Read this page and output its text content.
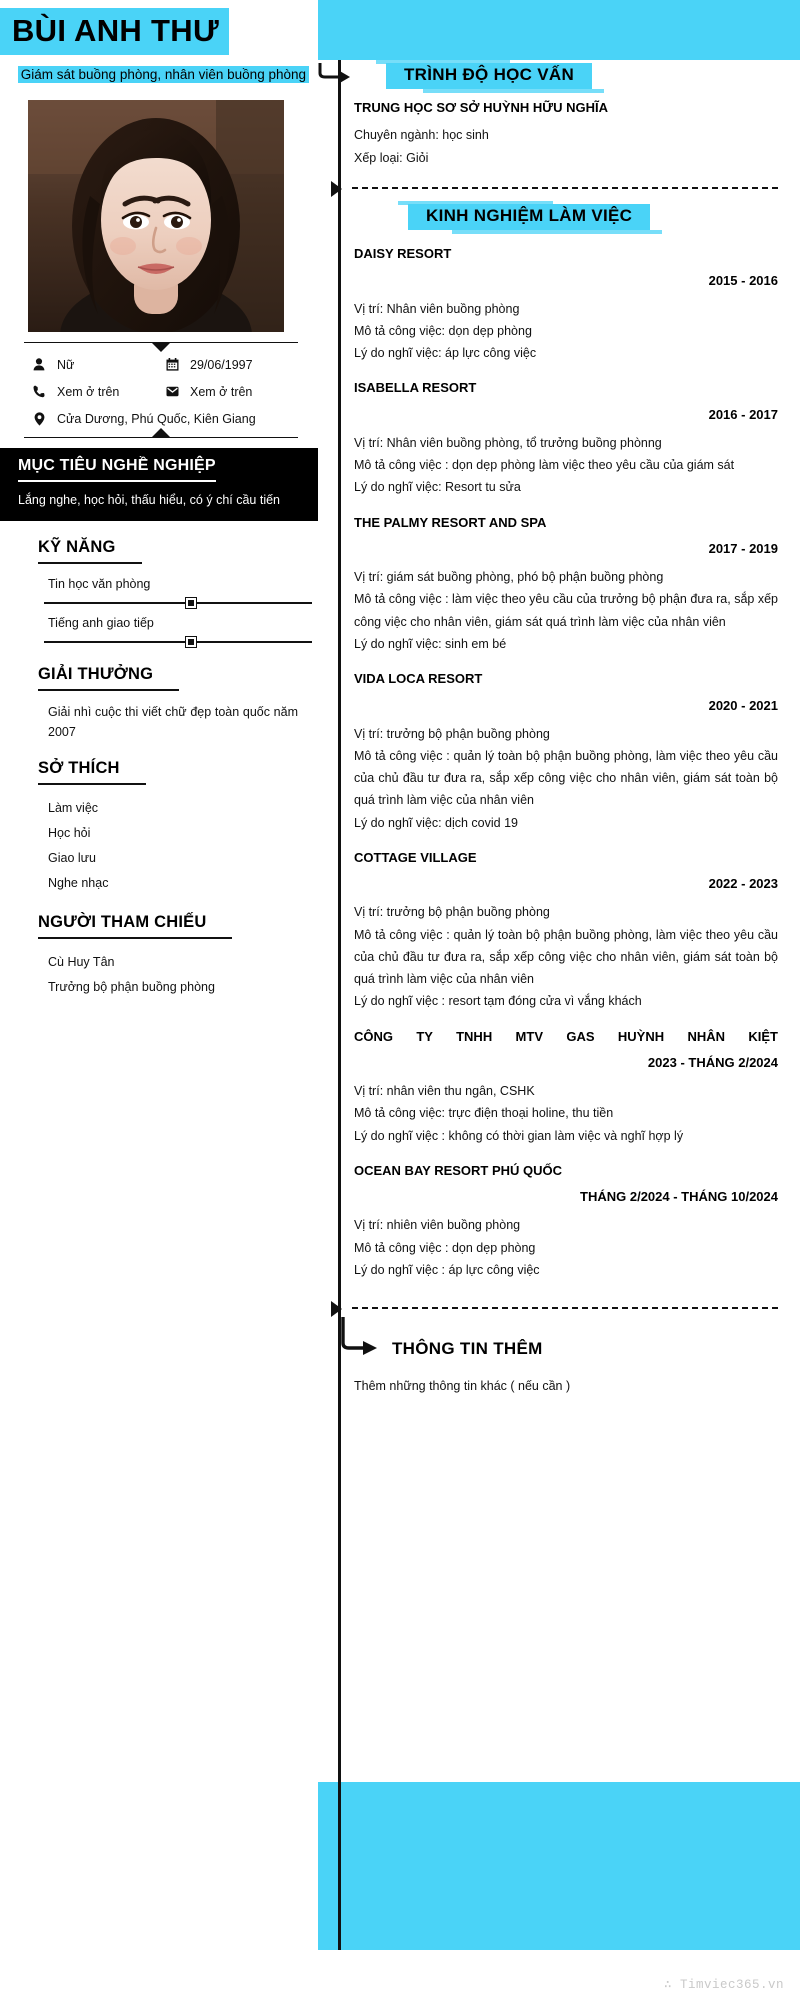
BÙI ANH THƯ
Giám sát buồng phòng, nhân viên buồng phòng
Nữ	29/06/1997
Xem ở trên	Xem ở trên
Cửa Dương, Phú Quốc, Kiên Giang
MỤC TIÊU NGHỀ NGHIỆP

Lắng nghe, học hỏi, thấu hiểu, có ý chí cầu tiến

KỸ NĂNG
Tin học văn phòng
Tiếng anh giao tiếp
GIẢI THƯỞNG

Giải nhì cuộc thi viết chữ đẹp toàn quốc năm 2007

SỞ THÍCH
Làm việc
Học hỏi
Giao lưu
Nghe nhạc
NGƯỜI THAM CHIẾU
Cù Huy Tân
Trưởng bộ phận buồng phòng
TRÌNH ĐỘ HỌC VẤN
TRUNG HỌC SƠ SỞ HUỲNH HỮU NGHĨA

Chuyên ngành: học sinh

Xếp loại: Giỏi

KINH NGHIỆM LÀM VIỆC
DAISY RESORT
2015 - 2016

Vị trí: Nhân viên buồng phòng

Mô tả công việc: dọn dẹp phòng

Lý do nghĩ việc: áp lực công việc

ISABELLA RESORT
2016 - 2017

Vị trí: Nhân viên buồng phòng, tổ trưởng buồng phònng

Mô tả công việc : dọn dẹp phòng làm việc theo yêu cầu của giám sát

Lý do nghĩ việc: Resort tu sửa

THE PALMY RESORT AND SPA
2017 - 2019

Vị trí: giám sát buồng phòng, phó bộ phận buồng phòng

Mô tả công việc : làm việc theo yêu cầu của trưởng bộ phận đưa ra, sắp xếp công việc cho nhân viên, giám sát quá trình làm việc của nhân viên

Lý do nghĩ việc: sinh em bé

VIDA LOCA RESORT
2020 - 2021

Vị trí: trưởng bộ phận buồng phòng

Mô tả công việc : quản lý toàn bộ phận buồng phòng, làm việc theo yêu cầu của chủ đầu tư đưa ra, sắp xếp công việc cho nhân viên, giám sát toàn bộ quá trình làm việc của nhân viên

Lý do nghĩ việc: dịch covid 19

COTTAGE VILLAGE
2022 - 2023

Vị trí: trưởng bộ phận buồng phòng

Mô tả công việc : quản lý toàn bộ phận buồng phòng, làm việc theo yêu cầu của chủ đầu tư đưa ra, sắp xếp công việc cho nhân viên, giám sát toàn bộ quá trình làm việc của nhân viên

Lý do nghĩ việc : resort tạm đóng cửa vì vắng khách

CÔNG TY TNHH MTV GAS HUỲNH NHÂN KIỆT
2023 - THÁNG 2/2024

Vị trí: nhân viên thu ngân, CSHK

Mô tả công việc: trực điện thoại holine, thu tiền

Lý do nghĩ việc : không có thời gian làm việc và nghĩ hợp lý

OCEAN BAY RESORT PHÚ QUỐC
THÁNG 2/2024 - THÁNG 10/2024

Vị trí: nhiên viên buồng phòng

Mô tả công việc : dọn dẹp phòng

Lý do nghĩ việc : áp lực công việc

THÔNG TIN THÊM

Thêm những thông tin khác ( nếu cần )

∴ Timviec365.vn
